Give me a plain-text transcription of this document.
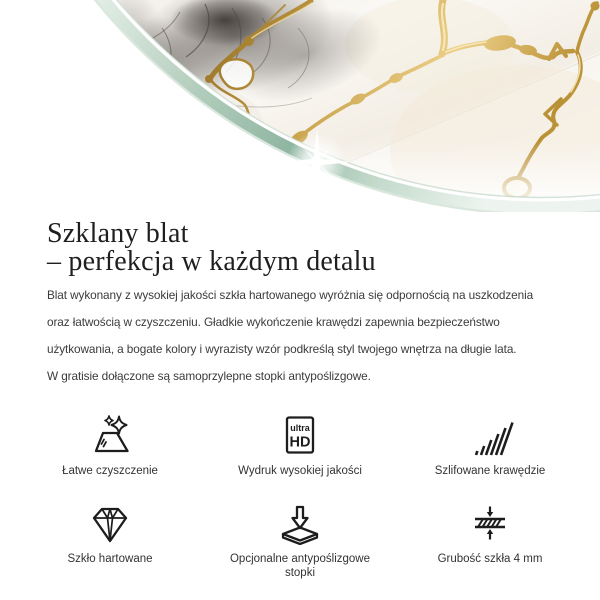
Szklany blat
– perfekcja w każdym detalu

Blat wykonany z wysokiej jakości szkła hartowanego wyróżnia się odpornością na uszkodzenia
oraz łatwością w czyszczeniu. Gładkie wykończenie krawędzi zapewnia bezpieczeństwo
użytkowania, a bogate kolory i wyrazisty wzór podkreślą styl twojego wnętrza na długie lata.
W gratisie dołączone są samoprzylepne stopki antypoślizgowe.

Łatwe czyszczenie
ultra
HD
Wydruk wysokiej jakości	Szlifowane krawędzie
Szkło hartowane	Opcjonalne antypoślizgowe stopki
Grubość szkła 4 mm
